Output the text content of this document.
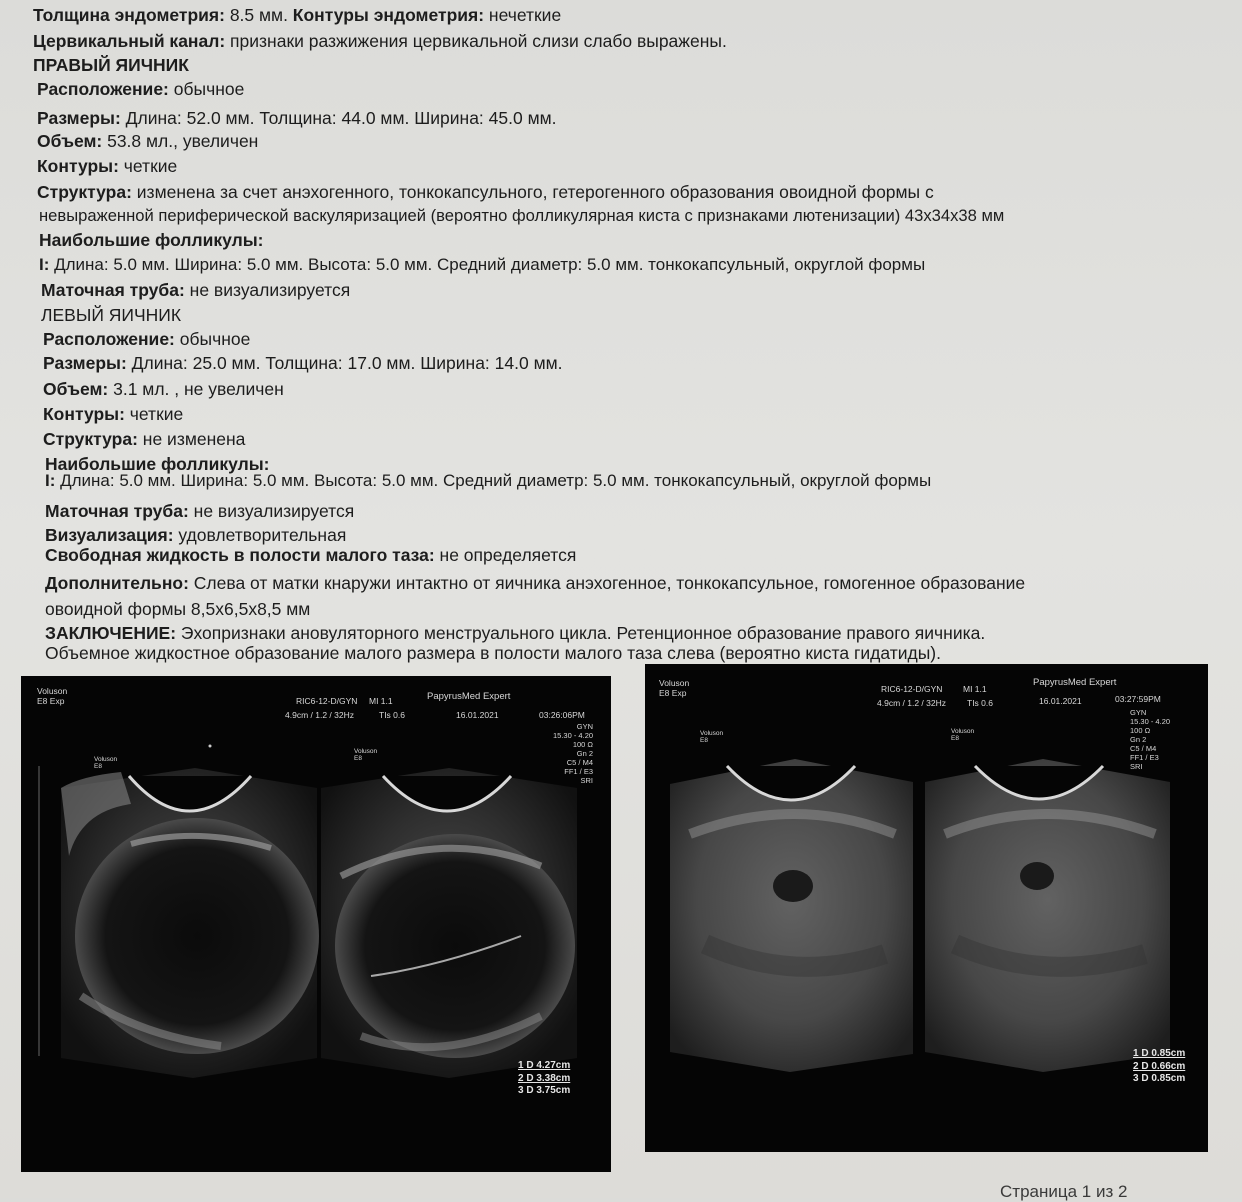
Толщина эндометрия: 8.5 мм. Контуры эндометрия: нечеткие
Цервикальный канал: признаки разжижения цервикальной слизи слабо выражены.
ПРАВЫЙ ЯИЧНИК
Расположение: обычное
Размеры: Длина: 52.0 мм. Толщина: 44.0 мм. Ширина: 45.0 мм.
Объем: 53.8 мл., увеличен
Контуры: четкие
Структура: изменена за счет анэхогенного, тонкокапсульного, гетерогенного образования овоидной формы с
невыраженной периферической васкуляризацией (вероятно фолликулярная киста с признаками лютенизации) 43x34x38 мм
Наибольшие фолликулы:
I: Длина: 5.0 мм. Ширина: 5.0 мм. Высота: 5.0 мм. Средний диаметр: 5.0 мм. тонкокапсульный, округлой формы
Маточная труба: не визуализируется
ЛЕВЫЙ ЯИЧНИК
Расположение: обычное
Размеры: Длина: 25.0 мм. Толщина: 17.0 мм. Ширина: 14.0 мм.
Объем: 3.1 мл. , не увеличен
Контуры: четкие
Структура: не изменена
Наибольшие фолликулы:
I: Длина: 5.0 мм. Ширина: 5.0 мм. Высота: 5.0 мм. Средний диаметр: 5.0 мм. тонкокапсульный, округлой формы
Маточная труба: не визуализируется
Визуализация: удовлетворительная
Свободная жидкость в полости малого таза: не определяется
Дополнительно: Слева от матки кнаружи интактно от яичника анэхогенное, тонкокапсульное, гомогенное образование
овоидной формы 8,5x6,5x8,5 мм
ЗАКЛЮЧЕНИЕ: Эхопризнаки ановуляторного менструального цикла. Ретенционное образование правого яичника.
Объемное жидкостное образование малого размера в полости малого таза слева (вероятно киста гидатиды).
Voluson
E8 Exp	RIC6-12-D/GYN MI 1.1	PapyrusMed Expert
4.9cm / 1.2 / 32Hz	TIs 0.6	16.01.2021	03:26:06PM
GYN
15.30 - 4.20
100 Ω
Gn 2
C5 / M4
FF1 / E3
SRI
Voluson
E8
Voluson
E8
1 D 4.27cm
2 D 3.38cm
3 D 3.75cm
Voluson
E8 Exp	RIC6-12-D/GYN MI 1.1
PapyrusMed Expert
4.9cm / 1.2 / 32Hz TIs 0.6	16.01.2021	03:27:59PM
GYN
15.30 - 4.20
100 Ω
Gn 2
C5 / M4
FF1 / E3
SRI
Voluson
E8
Voluson
E8
1 D 0.85cm
2 D 0.66cm
3 D 0.85cm
Страница 1 из 2
